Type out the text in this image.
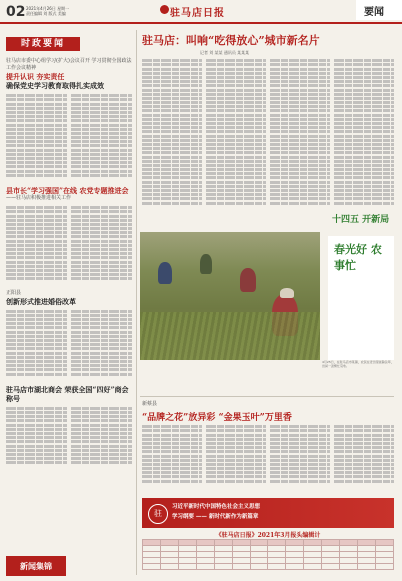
02 2021年4月26日 星期一
责任编辑 刘 版式 美编	驻马店日报	要闻
时政要闻
驻马店市委中心组学习(扩大)会议召开 学习贯彻全国政法工作会议精神
提升认识 夯实责任
确保党史学习教育取得扎实成效
县市长“学习强国”在线 农党专题推进会
——驻马店积极推进相关工作
正阳县
创新形式推进婚俗改革
驻马店市湖北商会 荣获全国“四好”商会称号
新闻集锦
驻马店：叫响“吃得放心”城市新名片
记者 刘 某某 通讯员 某某某
十四五 开新局
春光好 农事忙
4月25日，在驻马店市某镇，农民在麦田里拔除杂草，田间一派繁忙景象。
新蔡县
“品牌之花”放异彩 “金果玉叶”万里香
驻
习近平新时代中国特色社会主义思想
学习纲要 —— 新时代新作为新篇章
《驻马店日报》2021年3月报头编辑计
